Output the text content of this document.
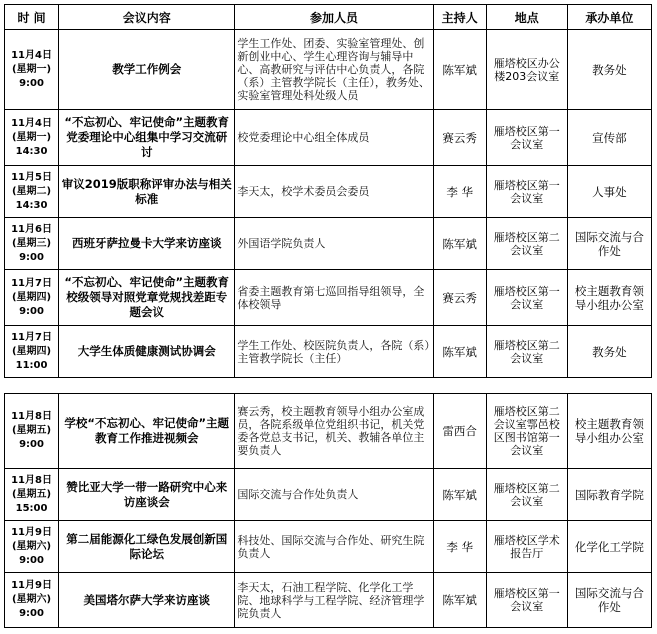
时 间	会议内容	参加人员	主持人	地点	承办单位

11月4日
(星期一)
9:00	教学工作例会	学生工作处、团委、实验室管理处、创新创业中心、学生心理咨询与辅导中心、高教研究与评估中心负责人，各院（系）主管教学院长（主任），教务处、实验室管理处科处级人员	陈军斌	雁塔校区办公楼203会议室	教务处

11月4日
(星期一)
14:30	“不忘初心、牢记使命”主题教育党委理论中心组集中学习交流研讨	校党委理论中心组全体成员	赛云秀	雁塔校区第一会议室	宣传部

11月5日
(星期二)
14:30	审议2019版职称评审办法与相关标准	李天太，校学术委员会委员	李 华	雁塔校区第一会议室	人事处

11月6日
(星期三)
9:00	西班牙萨拉曼卡大学来访座谈	外国语学院负责人	陈军斌	雁塔校区第二会议室	国际交流与合作处

11月7日
(星期四)
9:00	“不忘初心、牢记使命”主题教育校级领导对照党章党规找差距专题会议	省委主题教育第七巡回指导组领导，全体校领导	赛云秀	雁塔校区第一会议室	校主题教育领导小组办公室

11月7日
(星期四)
11:00	大学生体质健康测试协调会	学生工作处、校医院负责人，各院（系）主管教学院长（主任）	陈军斌	雁塔校区第二会议室	教务处
11月8日
(星期五)
9:00	学校“不忘初心、牢记使命”主题教育工作推进视频会	赛云秀，校主题教育领导小组办公室成员，各院系级单位党组织书记，机关党委各党总支书记，机关、教辅各单位主要负责人	雷西合	雁塔校区第二会议室鄠邑校区图书馆第一会议室	校主题教育领导小组办公室

11月8日
(星期五)
15:00	赞比亚大学一带一路研究中心来访座谈会	国际交流与合作处负责人	陈军斌	雁塔校区第二会议室	国际教育学院

11月9日
(星期六)
9:00	第二届能源化工绿色发展创新国际论坛	科技处、国际交流与合作处、研究生院负责人	李 华	雁塔校区学术报告厅	化学化工学院

11月9日
(星期六)
9:00	美国塔尔萨大学来访座谈	李天太，石油工程学院、化学化工学院、地球科学与工程学院、经济管理学院负责人	陈军斌	雁塔校区第一会议室	国际交流与合作处
